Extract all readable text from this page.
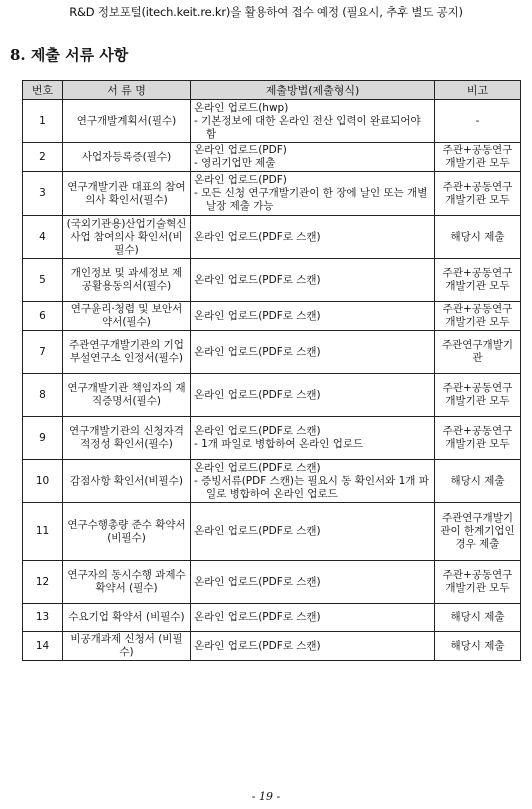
R&D 정보포털(itech.keit.re.kr)을 활용하여 접수 예정 (필요시, 추후 별도 공지)
8. 제출 서류 사항
번호	서 류 명	제출방법(제출형식)	비고
1	연구개발계획서(필수)	온라인 업로드(hwp)
- 기본정보에 대한 온라인 전산 입력이 완료되어야 함	-
2	사업자등록증(필수)	온라인 업로드(PDF)
- 영리기업만 제출	주관+공동연구개발기관 모두
3	연구개발기관 대표의 참여의사 확인서(필수)	온라인 업로드(PDF)
- 모든 신청 연구개발기관이 한 장에 날인 또는 개별 날장 제출 가능	주관+공동연구개발기관 모두
4	(국외기관용)산업기술혁신사업 참여의사 확인서(비필수)	온라인 업로드(PDF로 스캔)	해당시 제출
5	개인정보 및 과세정보 제공활용동의서(필수)	온라인 업로드(PDF로 스캔)	주관+공동연구개발기관 모두
6	연구윤리·청렴 및 보안서약서(필수)	온라인 업로드(PDF로 스캔)	주관+공동연구개발기관 모두
7	주관연구개발기관의 기업부설연구소 인정서(필수)	온라인 업로드(PDF로 스캔)	주관연구개발기관
8	연구개발기관 책임자의 재직증명서(필수)	온라인 업로드(PDF로 스캔)	주관+공동연구개발기관 모두
9	연구개발기관의 신청자격 적정성 확인서(필수)	온라인 업로드(PDF로 스캔)
- 1개 파일로 병합하여 온라인 업로드	주관+공동연구개발기관 모두
10	감점사항 확인서(비필수)	온라인 업로드(PDF로 스캔)
- 증빙서류(PDF 스캔)는 필요시 동 확인서와 1개 파일로 병합하여 온라인 업로드	해당시 제출
11	연구수행총량 준수 확약서(비필수)	온라인 업로드(PDF로 스캔)	주관연구개발기관이 한계기업인 경우 제출
12	연구자의 동시수행 과제수 확약서 (필수)	온라인 업로드(PDF로 스캔)	주관+공동연구개발기관 모두
13	수요기업 확약서 (비필수)	온라인 업로드(PDF로 스캔)	해당시 제출
14	비공개과제 신청서 (비필수)	온라인 업로드(PDF로 스캔)	해당시 제출
- 19 -
